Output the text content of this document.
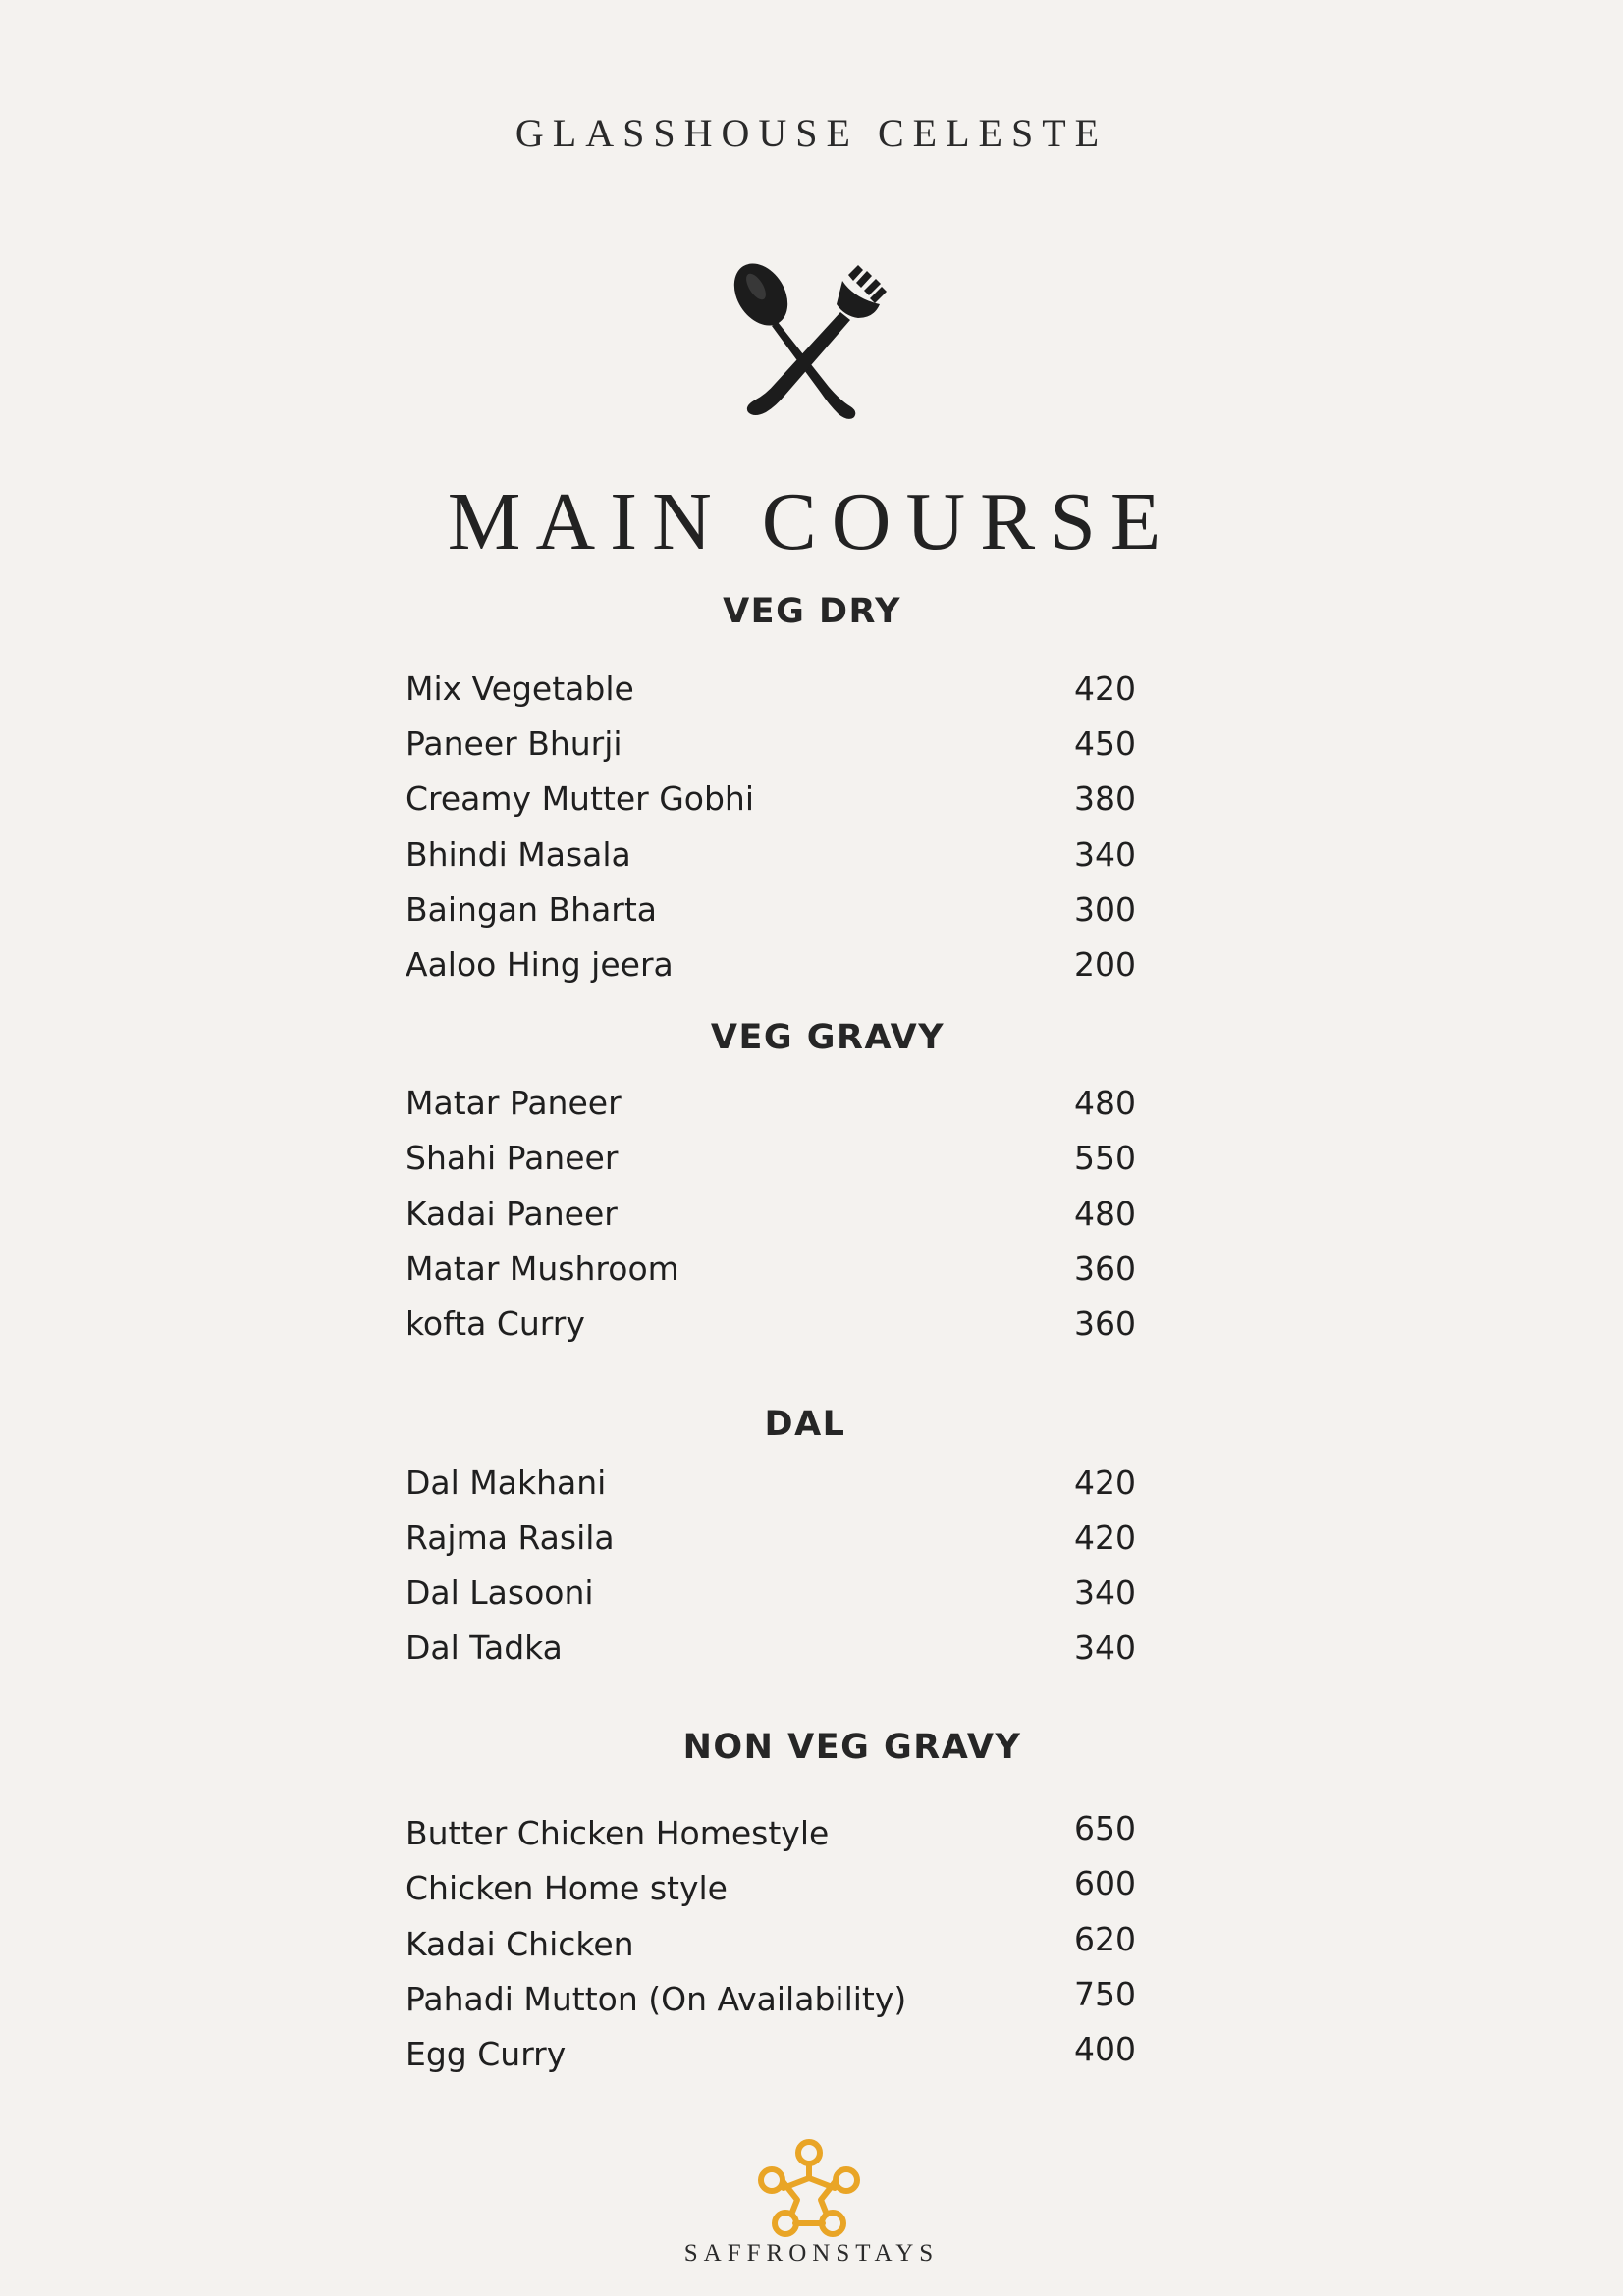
GLASSHOUSE CELESTE
MAIN COURSE
VEG DRY
Mix Vegetable	420
Paneer Bhurji	450
Creamy Mutter Gobhi	380
Bhindi Masala	340
Baingan Bharta	300
Aaloo Hing jeera	200
VEG GRAVY
Matar Paneer	480
Shahi Paneer	550
Kadai Paneer	480
Matar Mushroom	360
kofta Curry	360
DAL
Dal Makhani	420
Rajma Rasila	420
Dal Lasooni	340
Dal Tadka	340
NON VEG GRAVY
Butter Chicken Homestyle	650
Chicken Home style	600
Kadai Chicken	620
Pahadi Mutton (On Availability)	750
Egg Curry	400
SAFFRONSTAYS
